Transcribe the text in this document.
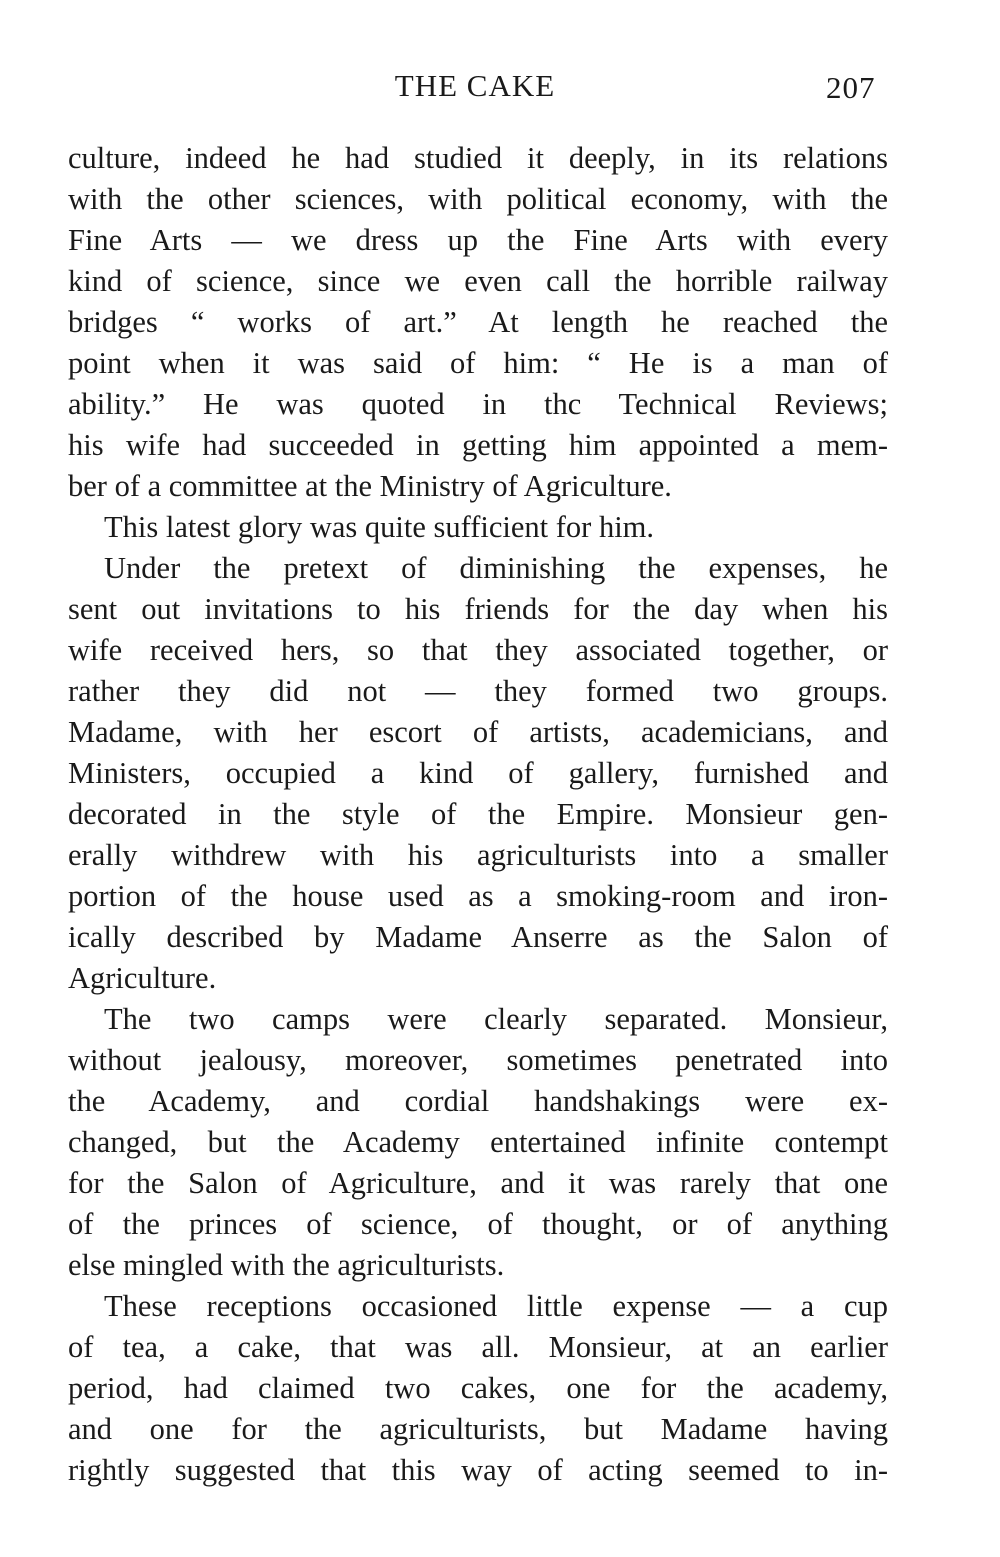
THE CAKE	207
culture, indeed he had studied it deeply, in its relations
with the other sciences, with political economy, with the
Fine Arts — we dress up the Fine Arts with every
kind of science, since we even call the horrible railway
bridges “ works of art.” At length he reached the
point when it was said of him: “ He is a man of
ability.” He was quoted in thc Technical Reviews;
his wife had succeeded in getting him appointed a mem-
ber of a committee at the Ministry of Agriculture.
This latest glory was quite sufficient for him.
Under the pretext of diminishing the expenses, he
sent out invitations to his friends for the day when his
wife received hers, so that they associated together, or
rather they did not — they formed two groups.
Madame, with her escort of artists, academicians, and
Ministers, occupied a kind of gallery, furnished and
decorated in the style of the Empire. Monsieur gen-
erally withdrew with his agriculturists into a smaller
portion of the house used as a smoking-room and iron-
ically described by Madame Anserre as the Salon of
Agriculture.
The two camps were clearly separated. Monsieur,
without jealousy, moreover, sometimes penetrated into
the Academy, and cordial handshakings were ex-
changed, but the Academy entertained infinite contempt
for the Salon of Agriculture, and it was rarely that one
of the princes of science, of thought, or of anything
else mingled with the agriculturists.
These receptions occasioned little expense — a cup
of tea, a cake, that was all. Monsieur, at an earlier
period, had claimed two cakes, one for the academy,
and one for the agriculturists, but Madame having
rightly suggested that this way of acting seemed to in-
